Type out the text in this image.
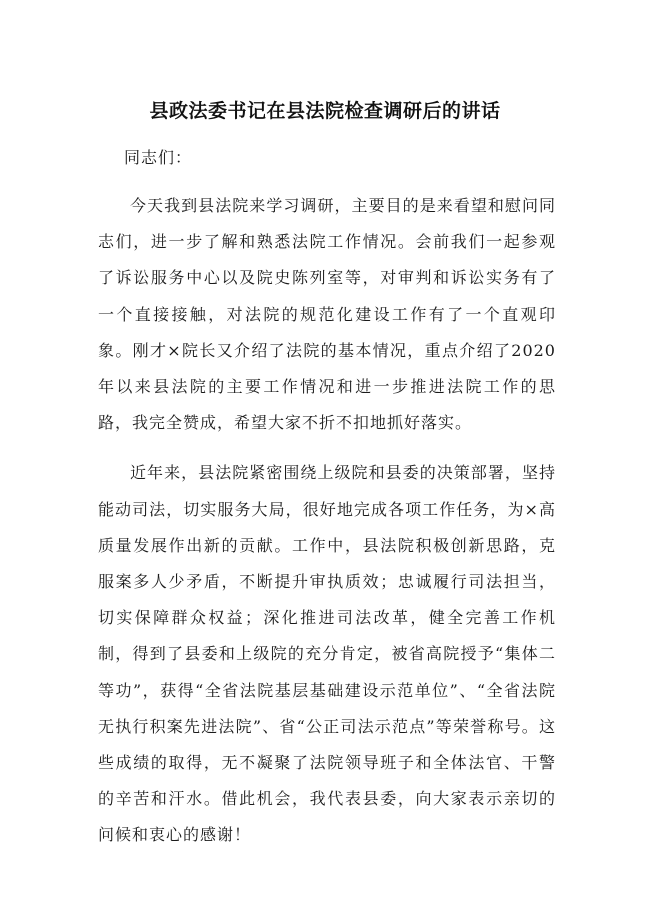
县政法委书记在县法院检查调研后的讲话

同志们：

今天我到县法院来学习调研，主要目的是来看望和慰问同志们，进一步了解和熟悉法院工作情况。会前我们一起参观了诉讼服务中心以及院史陈列室等，对审判和诉讼实务有了一个直接接触，对法院的规范化建设工作有了一个直观印象。刚才×院长又介绍了法院的基本情况，重点介绍了2020年以来县法院的主要工作情况和进一步推进法院工作的思路，我完全赞成，希望大家不折不扣地抓好落实。

近年来，县法院紧密围绕上级院和县委的决策部署，坚持能动司法，切实服务大局，很好地完成各项工作任务，为×高质量发展作出新的贡献。工作中，县法院积极创新思路，克服案多人少矛盾，不断提升审执质效；忠诚履行司法担当，切实保障群众权益；深化推进司法改革，健全完善工作机制，得到了县委和上级院的充分肯定，被省高院授予“集体二等功”，获得“全省法院基层基础建设示范单位”、“全省法院无执行积案先进法院”、省“公正司法示范点”等荣誉称号。这些成绩的取得，无不凝聚了法院领导班子和全体法官、干警的辛苦和汗水。借此机会，我代表县委，向大家表示亲切的问候和衷心的感谢！
